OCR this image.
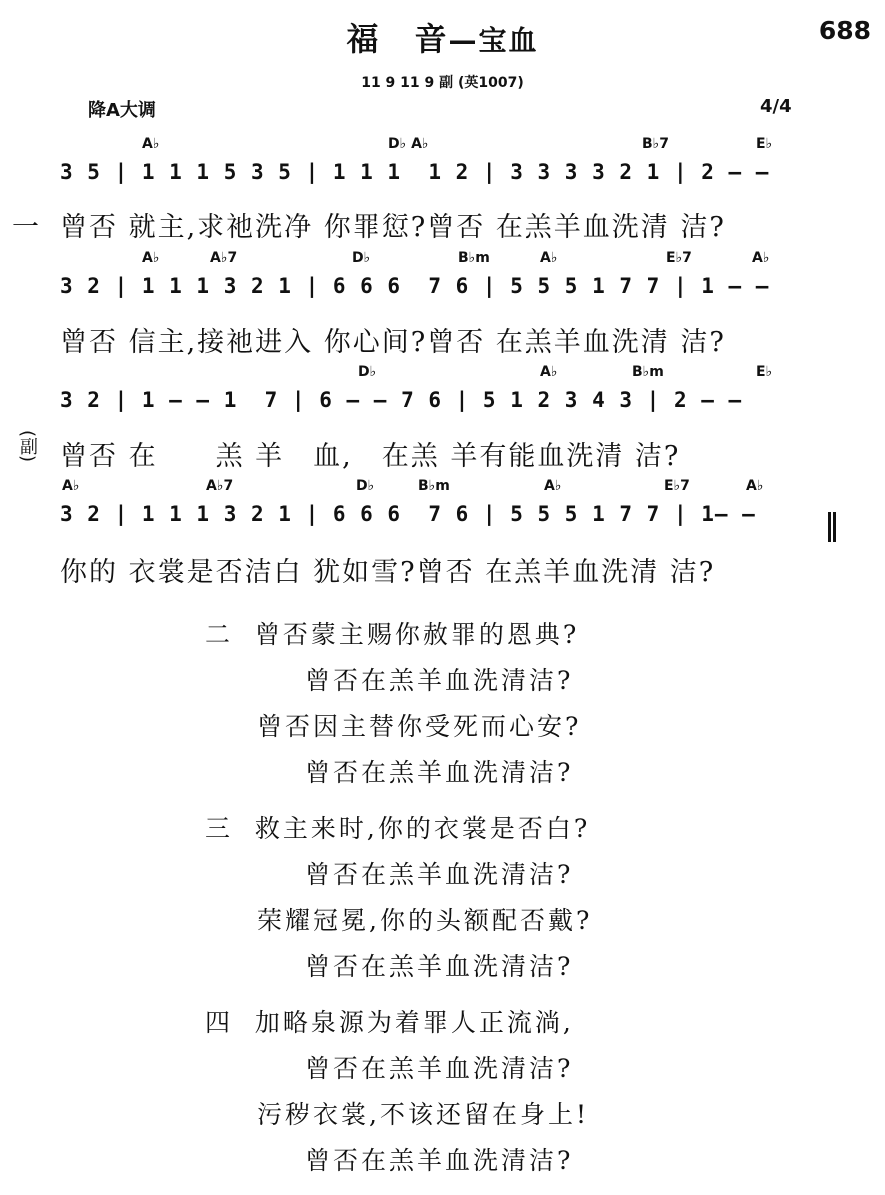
福　音—宝血	688
11 9 11 9 副 (英1007)
降A大调	4/4
A♭	D♭ A♭	B♭7	E♭
3 5 | 1 1 1 5 3 5 | 1 1 1  1 2 | 3 3 3 3 2 1 | 2 — —
一 曾否 就主,求祂洗净 你罪愆?曾否 在羔羊血洗清 洁?
A♭	A♭7	D♭	B♭m	A♭	E♭7	A♭
3 2 | 1 1 1 3 2 1 | 6 6 6  7 6 | 5 5 5 1 7 7 | 1 — —
曾否 信主,接祂进入 你心间?曾否 在羔羊血洗清 洁?
D♭	A♭	B♭m	E♭
3 2 | 1 — — 1  7 | 6 — — 7 6 | 5 1 2 3 4 3 | 2 — —
(副) 曾否 在　　羔 羊　血,　在羔 羊有能血洗清 洁?
A♭	A♭7	D♭	B♭m	A♭	E♭7	A♭
3 2 | 1 1 1 3 2 1 | 6 6 6  7 6 | 5 5 5 1 7 7 | 1— —
你的 衣裳是否洁白 犹如雪?曾否 在羔羊血洗清 洁?
二 曾否蒙主赐你赦罪的恩典?
曾否在羔羊血洗清洁?
曾否因主替你受死而心安?
曾否在羔羊血洗清洁?
三 救主来时,你的衣裳是否白?
曾否在羔羊血洗清洁?
荣耀冠冕,你的头额配否戴?
曾否在羔羊血洗清洁?
四 加略泉源为着罪人正流淌,
曾否在羔羊血洗清洁?
污秽衣裳,不该还留在身上!
曾否在羔羊血洗清洁?
